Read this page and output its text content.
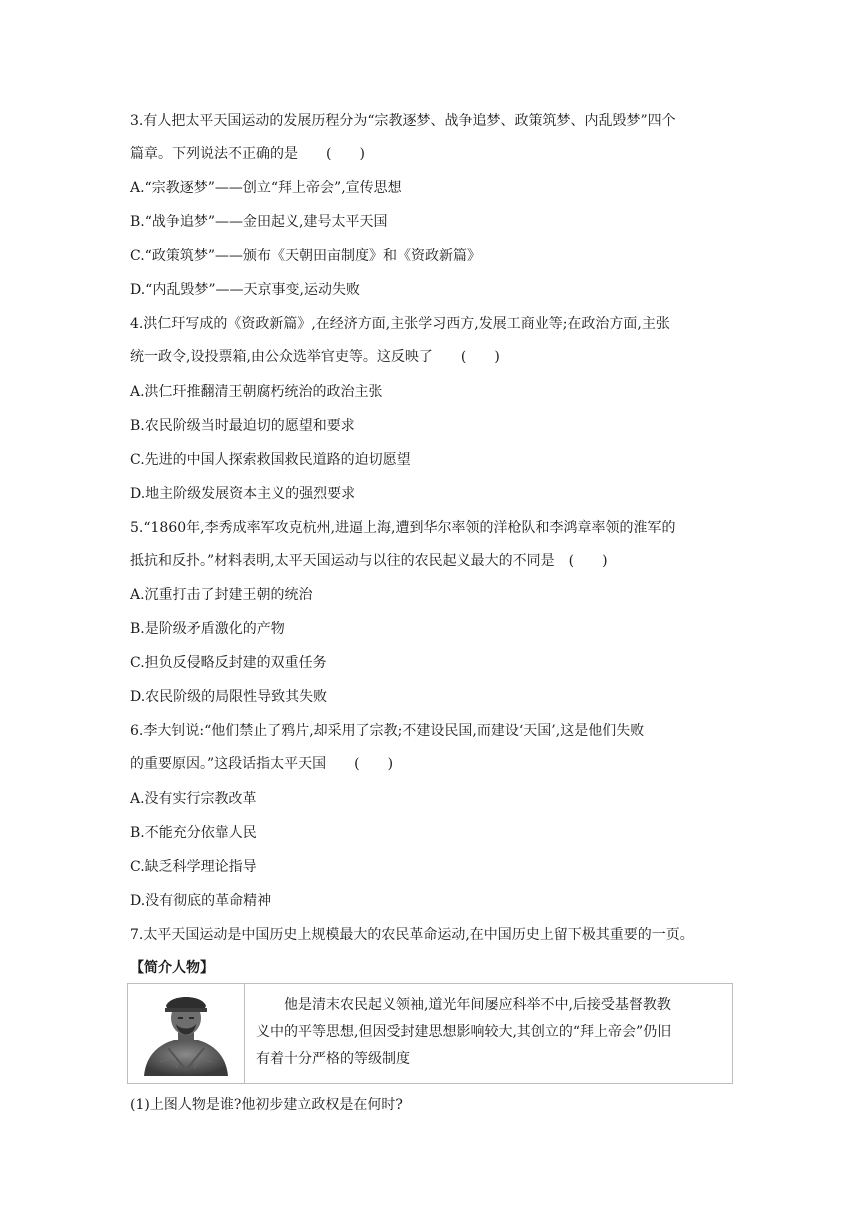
3.有人把太平天国运动的发展历程分为“宗教逐梦、战争追梦、政策筑梦、内乱毁梦”四个
篇章。下列说法不正确的是　　(　　)
A.“宗教逐梦”——创立“拜上帝会”,宣传思想
B.“战争追梦”——金田起义,建号太平天国
C.“政策筑梦”——颁布《天朝田亩制度》和《资政新篇》
D.“内乱毁梦”——天京事变,运动失败
4.洪仁玕写成的《资政新篇》,在经济方面,主张学习西方,发展工商业等;在政治方面,主张
统一政令,设投票箱,由公众选举官吏等。这反映了　　(　　)
A.洪仁玕推翻清王朝腐朽统治的政治主张
B.农民阶级当时最迫切的愿望和要求
C.先进的中国人探索救国救民道路的迫切愿望
D.地主阶级发展资本主义的强烈要求
5.“1860年,李秀成率军攻克杭州,进逼上海,遭到华尔率领的洋枪队和李鸿章率领的淮军的
抵抗和反扑。”材料表明,太平天国运动与以往的农民起义最大的不同是　(　　)
A.沉重打击了封建王朝的统治
B.是阶级矛盾激化的产物
C.担负反侵略反封建的双重任务
D.农民阶级的局限性导致其失败
6.李大钊说:“他们禁止了鸦片,却采用了宗教;不建设民国,而建设‘天国’,这是他们失败
的重要原因。”这段话指太平天国　　(　　)
A.没有实行宗教改革
B.不能充分依靠人民
C.缺乏科学理论指导
D.没有彻底的革命精神
7.太平天国运动是中国历史上规模最大的农民革命运动,在中国历史上留下极其重要的一页。
【简介人物】
　　他是清末农民起义领袖,道光年间屡应科举不中,后接受基督教教
义中的平等思想,但因受封建思想影响较大,其创立的“拜上帝会”仍旧
有着十分严格的等级制度
(1)上图人物是谁?他初步建立政权是在何时?
